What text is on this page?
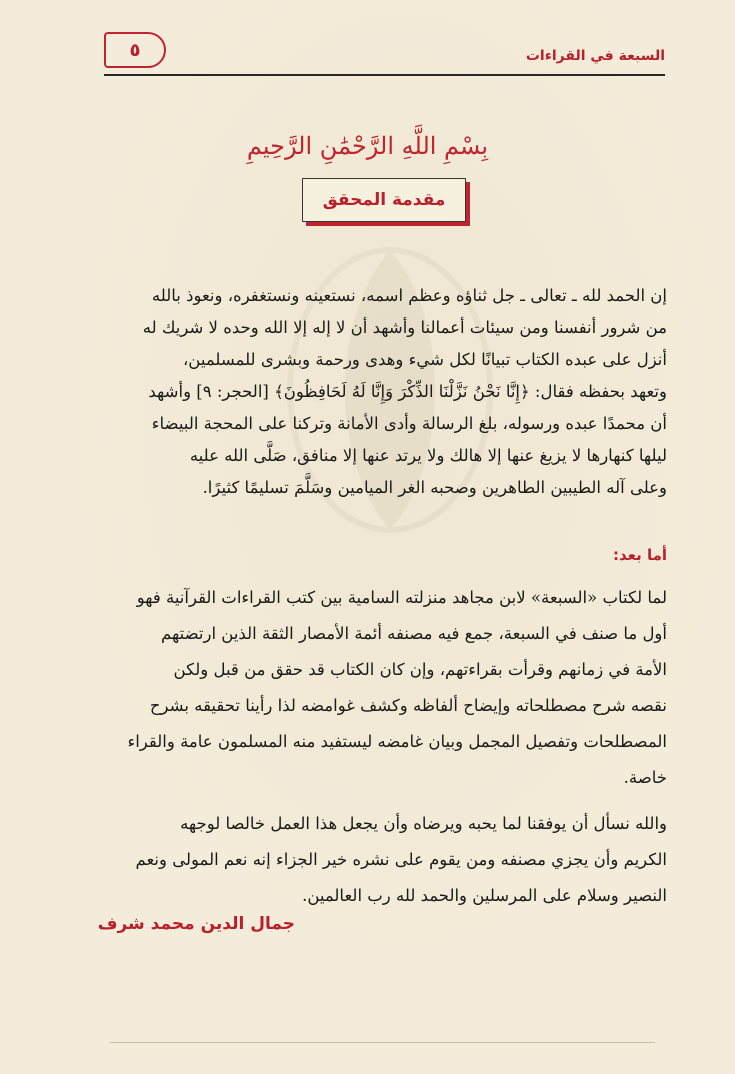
السبعة في القراءات
٥
بِسْمِ اللَّهِ الرَّحْمَٰنِ الرَّحِيمِ
مقدمة المحقق
إن الحمد لله ـ تعالى ـ جل ثناؤه وعظم اسمه، نستعينه ونستغفره، ونعوذ بالله
من شرور أنفسنا ومن سيئات أعمالنا وأشهد أن لا إله إلا الله وحده لا شريك له
أنزل على عبده الكتاب تبيانًا لكل شيء وهدى ورحمة وبشرى للمسلمين،
وتعهد بحفظه فقال: ﴿إِنَّا نَحْنُ نَزَّلْنَا الذِّكْرَ وَإِنَّا لَهُ لَحَافِظُونَ﴾ [الحجر: ٩] وأشهد
أن محمدًا عبده ورسوله، بلغ الرسالة وأدى الأمانة وتركنا على المحجة البيضاء
ليلها كنهارها لا يزيغ عنها إلا هالك ولا يرتد عنها إلا منافق، صَلَّى الله عليه
وعلى آله الطيبين الطاهرين وصحبه الغر الميامين وسَلَّمَ تسليمًا كثيرًا.
أما بعد:
لما لكتاب «السبعة» لابن مجاهد منزلته السامية بين كتب القراءات القرآنية فهو
أول ما صنف في السبعة، جمع فيه مصنفه أئمة الأمصار الثقة الذين ارتضتهم
الأمة في زمانهم وقرأت بقراءتهم، وإن كان الكتاب قد حقق من قبل ولكن
نقصه شرح مصطلحاته وإيضاح ألفاظه وكشف غوامضه لذا رأينا تحقيقه بشرح
المصطلحات وتفصيل المجمل وبيان غامضه ليستفيد منه المسلمون عامة والقراء
خاصة.
والله نسأل أن يوفقنا لما يحبه ويرضاه وأن يجعل هذا العمل خالصا لوجهه
الكريم وأن يجزي مصنفه ومن يقوم على نشره خير الجزاء إنه نعم المولى ونعم
النصير وسلام على المرسلين والحمد لله رب العالمين.
جمال الدين محمد شرف
